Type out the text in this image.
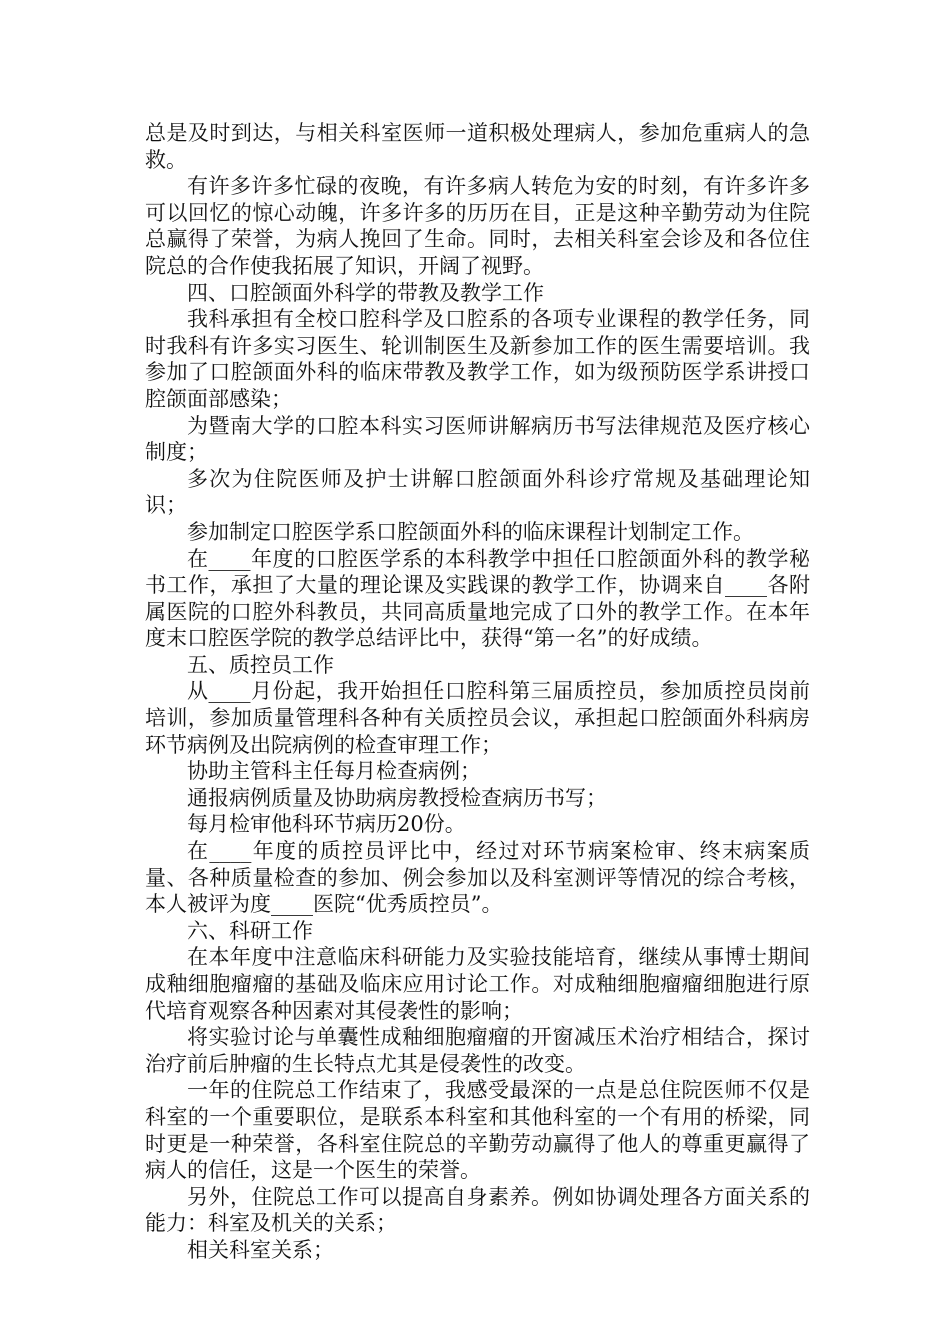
总是及时到达，与相关科室医师一道积极处理病人，参加危重病人的急救。

有许多许多忙碌的夜晚，有许多病人转危为安的时刻，有许多许多可以回忆的惊心动魄，许多许多的历历在目，正是这种辛勤劳动为住院总赢得了荣誉，为病人挽回了生命。同时，去相关科室会诊及和各位住院总的合作使我拓展了知识，开阔了视野。

四、口腔颌面外科学的带教及教学工作

我科承担有全校口腔科学及口腔系的各项专业课程的教学任务，同时我科有许多实习医生、轮训制医生及新参加工作的医生需要培训。我参加了口腔颌面外科的临床带教及教学工作，如为级预防医学系讲授口腔颌面部感染；

为暨南大学的口腔本科实习医师讲解病历书写法律规范及医疗核心制度；

多次为住院医师及护士讲解口腔颌面外科诊疗常规及基础理论知识；

参加制定口腔医学系口腔颌面外科的临床课程计划制定工作。

在____年度的口腔医学系的本科教学中担任口腔颌面外科的教学秘书工作，承担了大量的理论课及实践课的教学工作，协调来自____各附属医院的口腔外科教员，共同高质量地完成了口外的教学工作。在本年度末口腔医学院的教学总结评比中，获得“第一名”的好成绩。

五、质控员工作

从____月份起，我开始担任口腔科第三届质控员，参加质控员岗前培训，参加质量管理科各种有关质控员会议，承担起口腔颌面外科病房环节病例及出院病例的检查审理工作；

协助主管科主任每月检查病例；

通报病例质量及协助病房教授检查病历书写；

每月检审他科环节病历20份。

在____年度的质控员评比中，经过对环节病案检审、终末病案质量、各种质量检查的参加、例会参加以及科室测评等情况的综合考核，本人被评为度____医院“优秀质控员”。

六、科研工作

在本年度中注意临床科研能力及实验技能培育，继续从事博士期间成釉细胞瘤瘤的基础及临床应用讨论工作。对成釉细胞瘤瘤细胞进行原代培育观察各种因素对其侵袭性的影响；

将实验讨论与单囊性成釉细胞瘤瘤的开窗减压术治疗相结合，探讨治疗前后肿瘤的生长特点尤其是侵袭性的改变。

一年的住院总工作结束了，我感受最深的一点是总住院医师不仅是科室的一个重要职位，是联系本科室和其他科室的一个有用的桥梁，同时更是一种荣誉，各科室住院总的辛勤劳动赢得了他人的尊重更赢得了病人的信任，这是一个医生的荣誉。

另外，住院总工作可以提高自身素养。例如协调处理各方面关系的能力：科室及机关的关系；

相关科室关系；
